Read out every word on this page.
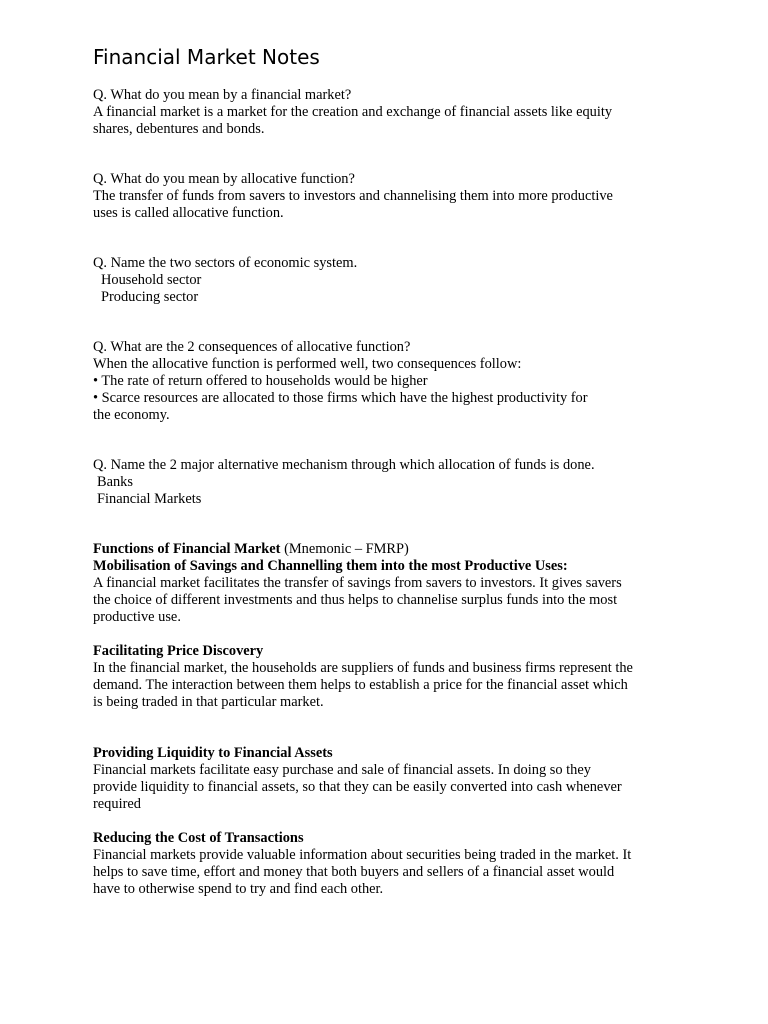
Financial Market Notes
Q. What do you mean by a financial market?
A financial market is a market for the creation and exchange of financial assets like equity
shares, debentures and bonds.
Q. What do you mean by allocative function?
The transfer of funds from savers to investors and channelising them into more productive
uses is called allocative function.
Q. Name the two sectors of economic system.
Household sector
Producing sector
Q. What are the 2 consequences of allocative function?
When the allocative function is performed well, two consequences follow:
• The rate of return offered to households would be higher
• Scarce resources are allocated to those firms which have the highest productivity for
the economy.
Q. Name the 2 major alternative mechanism through which allocation of funds is done.
Banks
Financial Markets
Functions of Financial Market (Mnemonic – FMRP)
Mobilisation of Savings and Channelling them into the most Productive Uses:
A financial market facilitates the transfer of savings from savers to investors. It gives savers
the choice of different investments and thus helps to channelise surplus funds into the most
productive use.
Facilitating Price Discovery
In the financial market, the households are suppliers of funds and business firms represent the
demand. The interaction between them helps to establish a price for the financial asset which
is being traded in that particular market.
Providing Liquidity to Financial Assets
Financial markets facilitate easy purchase and sale of financial assets. In doing so they
provide liquidity to financial assets, so that they can be easily converted into cash whenever
required
Reducing the Cost of Transactions
Financial markets provide valuable information about securities being traded in the market. It
helps to save time, effort and money that both buyers and sellers of a financial asset would
have to otherwise spend to try and find each other.
